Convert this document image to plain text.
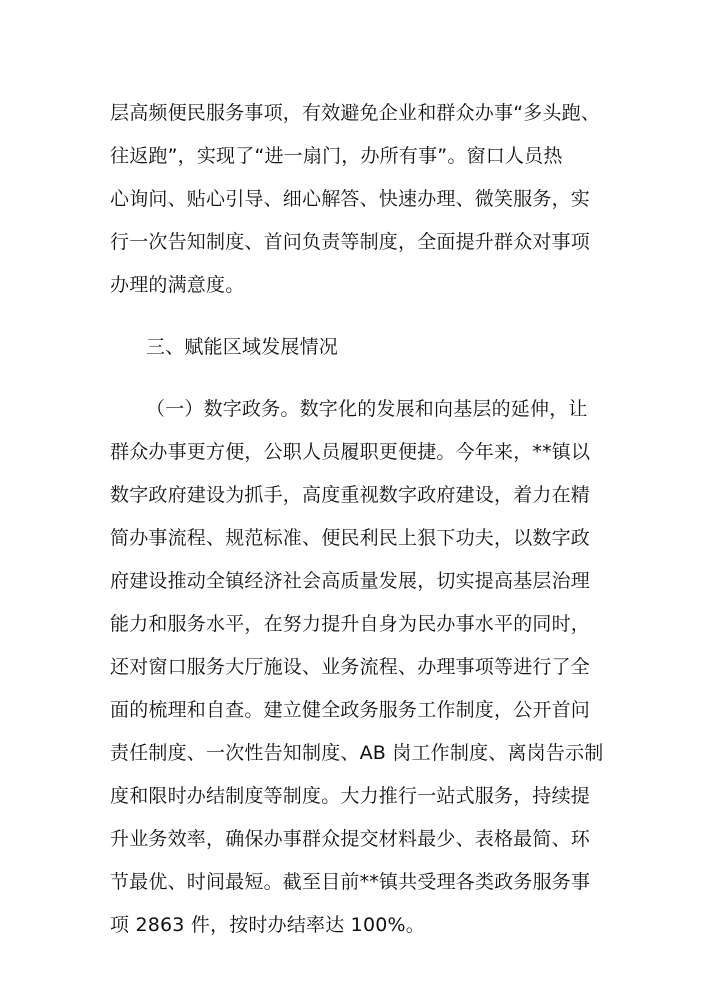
层高频便民服务事项，有效避免企业和群众办事“多头跑、
往返跑”，实现了“进一扇门，办所有事”。窗口人员热
心询问、贴心引导、细心解答、快速办理、微笑服务，实
行一次告知制度、首问负责等制度，全面提升群众对事项
办理的满意度。
三、赋能区域发展情况
（一）数字政务。数字化的发展和向基层的延伸，让
群众办事更方便，公职人员履职更便捷。今年来，**镇以
数字政府建设为抓手，高度重视数字政府建设，着力在精
简办事流程、规范标准、便民利民上狠下功夫，以数字政
府建设推动全镇经济社会高质量发展，切实提高基层治理
能力和服务水平，在努力提升自身为民办事水平的同时，
还对窗口服务大厅施设、业务流程、办理事项等进行了全
面的梳理和自查。建立健全政务服务工作制度，公开首问
责任制度、一次性告知制度、AB 岗工作制度、离岗告示制
度和限时办结制度等制度。大力推行一站式服务，持续提
升业务效率，确保办事群众提交材料最少、表格最简、环
节最优、时间最短。截至目前**镇共受理各类政务服务事
项 2863 件，按时办结率达 100%。
